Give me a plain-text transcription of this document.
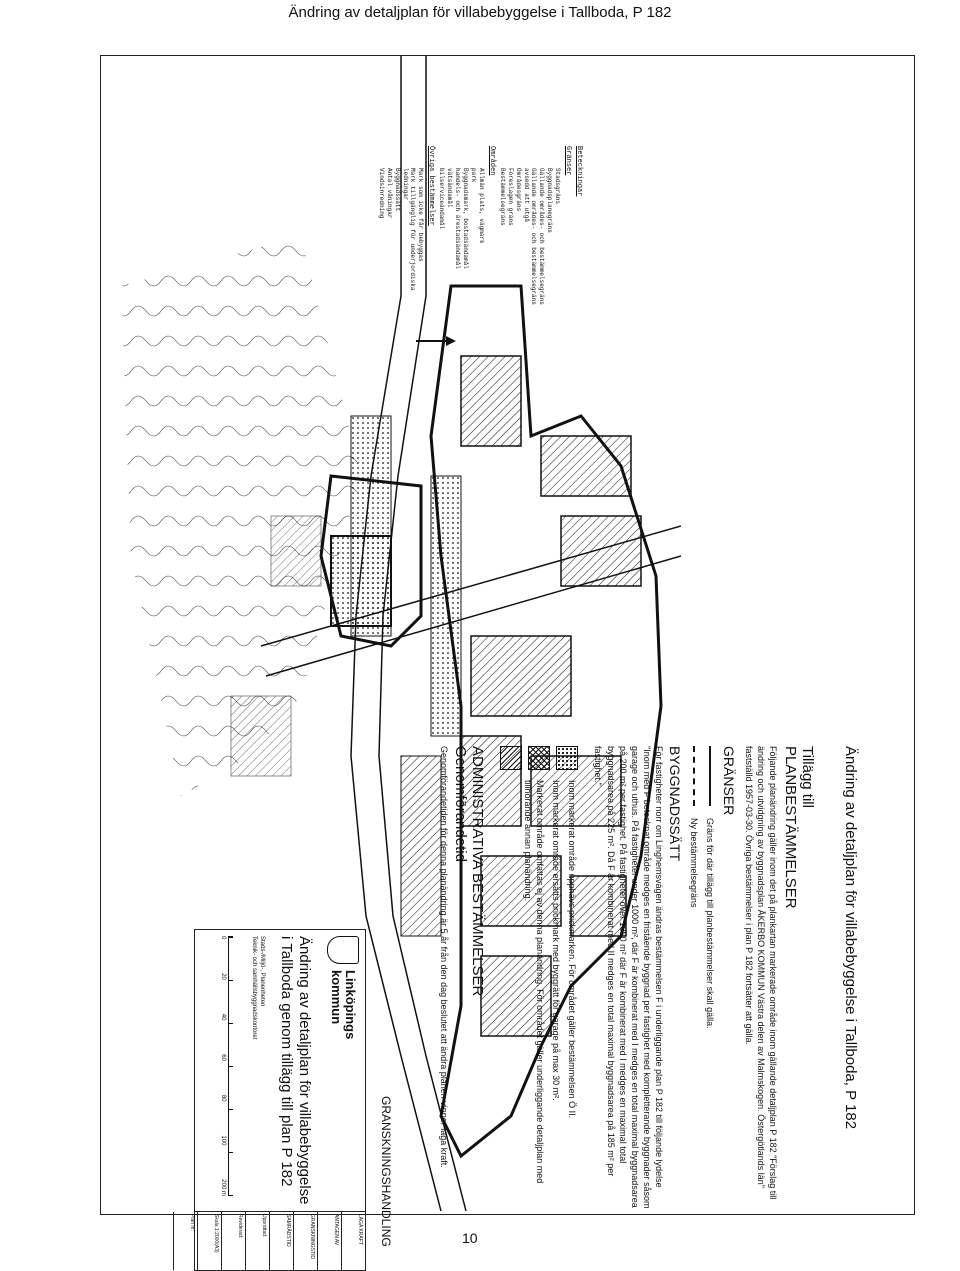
Ändring av detaljplan för villabebyggelse i Tallboda, P 182
Beteckningar
Gränser
Stadsgräns
Byggnadsplanegräns
Gällande områdes- och bestämmelsegräns
Gällande områdes- och bestämmelsegräns avsedd att utgå
Områdesgräns
Föreslagen gräns
Bestämmelsegräns
Områden
Allmän plats, vägmark
park
Byggnadsmark, bostadsändamål
handels- och ärestadsändamål
vätsändamål
bilserviceändamål
Övriga bestämmelser
Mark som icke får bebyggas
Mark tillgänglig för underjordiska ledningar
Byggnadssätt
Antal våningar
Vindsinredning
Ändring av detaljplan för villabebyggelse i Tallboda, P 182
Tillägg till
PLANBESTÄMMELSER

Följande planändring gäller inom det på plankartan markerade område inom gällande detaljplan P 182 "Förslag till ändring och utvidgning av byggnadsplan ÅKERBO KOMMUN Västra delen av Malmskogen. Östergötlands län" fastställd 1957-03-30. Övriga bestämmelser i plan P 182 fortsätter att gälla.

GRÄNSER
Gräns för där tillägg till planbestämmelser skall gälla.
Ny bestämmelsegräns
BYGGNADSSÄTT

För fastigheter norr om Linghemsvägen ändras bestämmelsen F i underliggande plan P 182 till följande lydelse "Inom med F betecknat område medges en fristående byggnad per fastighet med kompletterande byggnader såsom garage och uthus. På fastigheter under 1000 m², där F är kombinerat med I medges en total maximal byggnadsarea på 200 m² per fastighet. På fastigheter över 1000 m² där F är kombinerat med I medges en maximal total byggnadsarea på 225 m². Då F är kombinerat med II medges en total maximal byggnadsarea på 185 m² per fastighet."

Inom markerat område upphävs prickmarken. För området gäller bestämmelsen Ö II.

Inom markerat område ersätts prickmark med byggrätt för garage på max 30 m².

Markerat område omfattas ej av denna planändring. För området gäller underliggande detaljplan med tillhörande annan planändring.

ADMINISTRATIVA BESTÄMMELSER
Genomförandetid

Genomförandetiden för denna planändring är 5 år från den dag beslutet att ändra planen vinner laga kraft.

Linköpings
kommun
Ändring av detaljplan för villabebyggelse
i Tallboda genom tillägg till plan P 182
Stads-/Miljö-, Planenheten
Teknik- och samhällsbyggnadskontoret
0
20
40
60
80
100
200 m
LAGA KRAFT
ANTAGEN AV
GRANSKNINGSTID
SAMRÅDSTID
Upprättad:
Reviderad:
Skala 1:2000(A3)
Plan nr:	GRANSKNINGSHANDLING	10
